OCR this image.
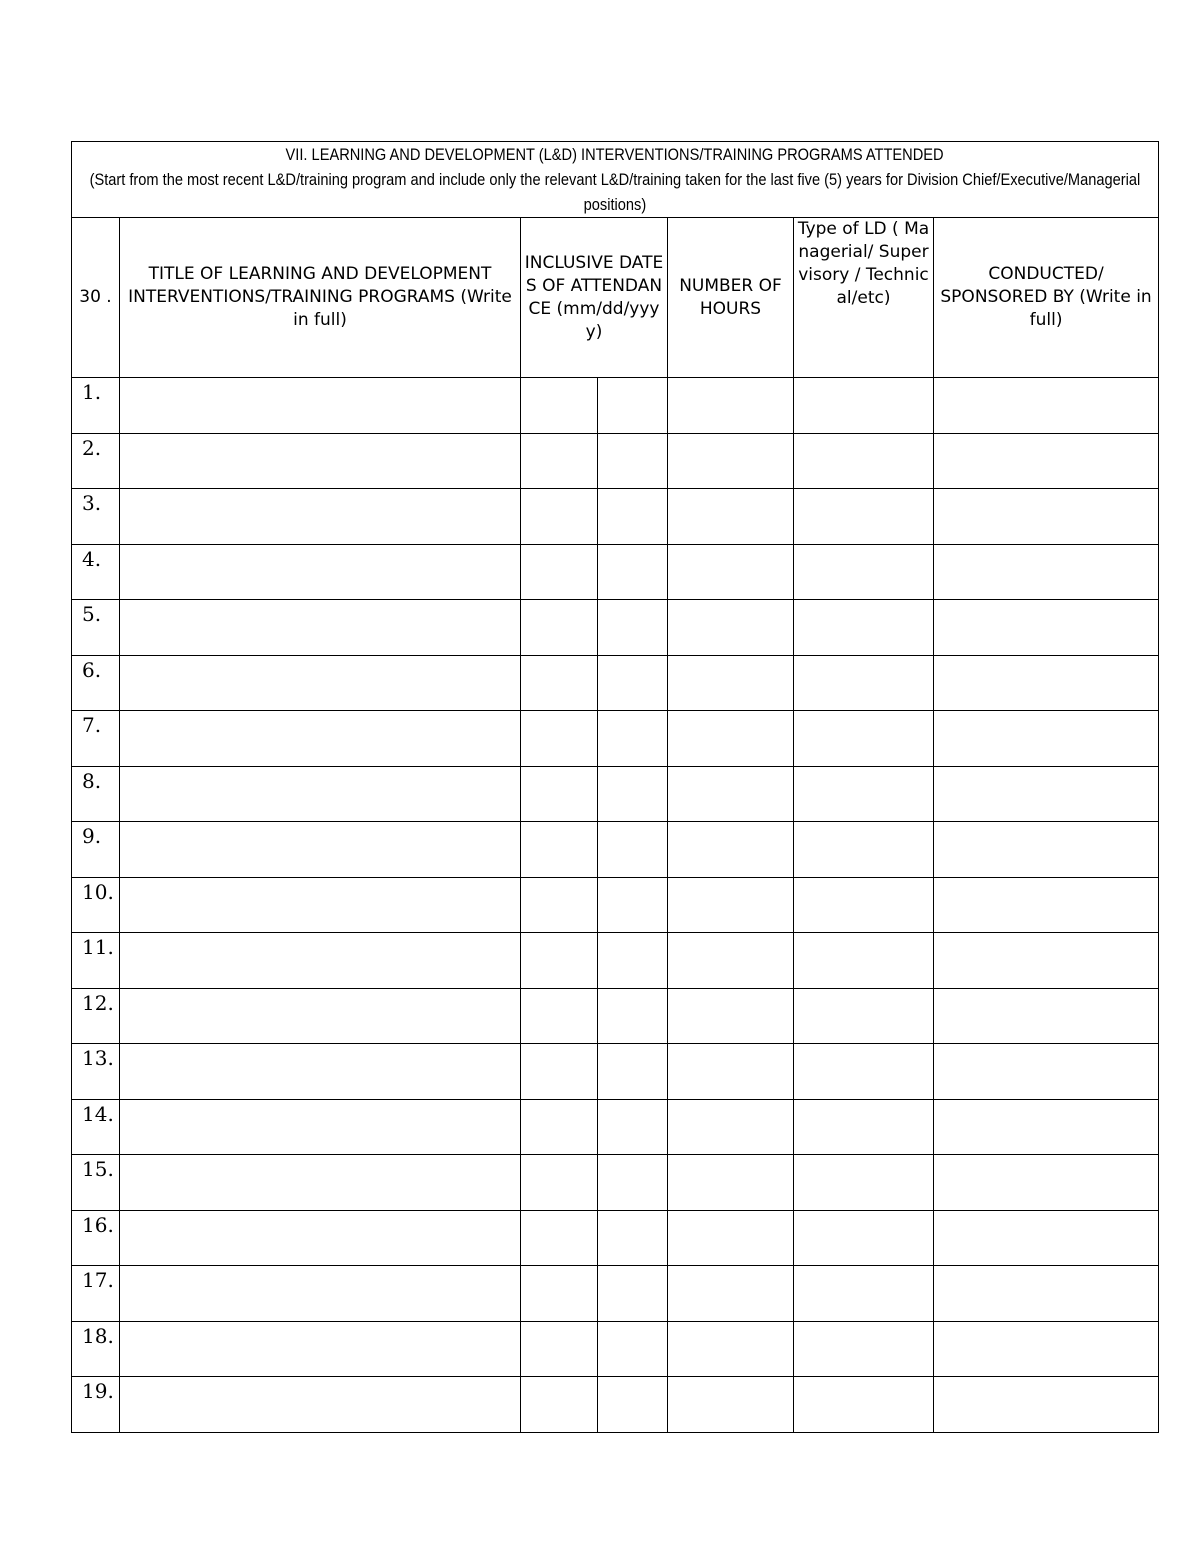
VII. LEARNING AND DEVELOPMENT (L&D) INTERVENTIONS/TRAINING PROGRAMS ATTENDED
(Start from the most recent L&D/training program and include only the relevant L&D/training taken for the last five (5) years for Division Chief/Executive/Managerial positions)						

30 .	TITLE OF LEARNING AND DEVELOPMENT INTERVENTIONS/TRAINING PROGRAMS (Write in full)	INCLUSIVE DATES OF ATTENDANCE (mm/dd/yyyy)		NUMBER OF HOURS	Type of LD ( Managerial/ Supervisory / Technical/etc)	CONDUCTED/ SPONSORED BY (Write in full)
1.						
2.						
3.						
4.						
5.						
6.						
7.						
8.						
9.						
10.						
11.						
12.						
13.						
14.						
15.						
16.						
17.						
18.						
19.						
